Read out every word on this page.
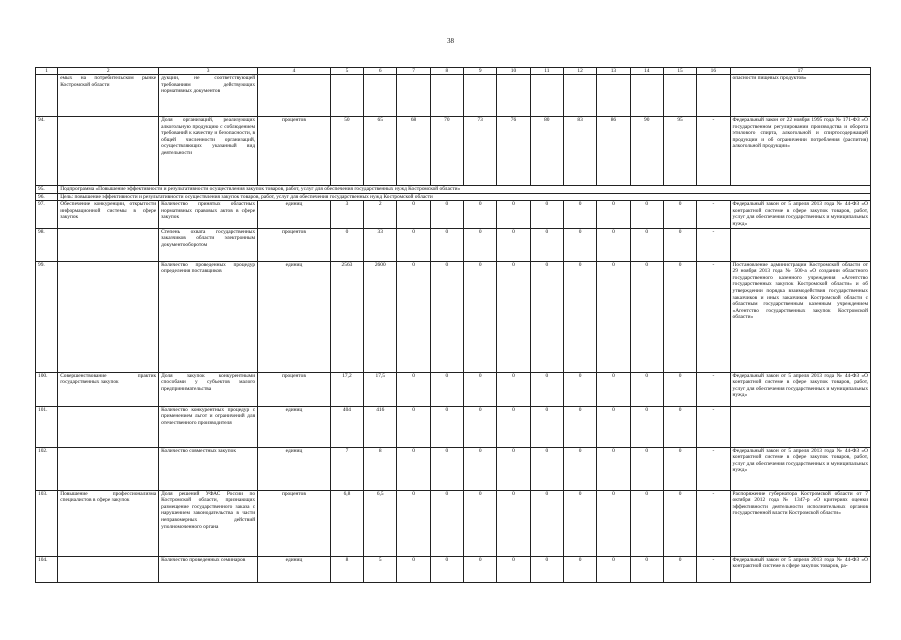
38
1	2	3	4	5	6	7	8	9	10	11	12	13	14	15	16	17
	емых на потребительском рынке Костромской области	дукции, не соответствующей требованиям действующих нормативных документов														опасности пищевых продуктов»
94.		Доля организаций, реализующих алкогольную продукцию с соблюдением требований к качеству и безопасности, в общей численности организаций, осуществляющих указанный вид деятельности	процентов	50	65	68	70	73	76	80	83	86	90	95	-	Федеральный закон от 22 ноября 1995 года № 171-ФЗ «О государственном регулировании производства и оборота этилового спирта, алкогольной и спиртосодержащей продукции и об ограничении потребления (распития) алкогольной продукции»
95.	Подпрограмма «Повышение эффективности и результативности осуществления закупок товаров, работ, услуг для обеспечения государственных нужд Костромской области»															
96.	Цель: повышение эффективности и результативности осуществления закупок товаров, работ, услуг для обеспечения государственных нужд Костромской области															
97.	Обеспечение конкуренции, открытости информационной системы в сфере закупок	Количество принятых областных нормативных правовых актов в сфере закупок	единиц	3	2	0	0	0	0	0	0	0	0	0	-	Федеральный закон от 5 апреля 2013 года № 44-ФЗ «О контрактной системе в сфере закупок товаров, работ, услуг для обеспечения государственных и муниципальных нужд»
98.		Степень охвата государственных заказчиков области электронным документооборотом	процентов	0	33	0	0	0	0	0	0	0	0	0	-	
99.		Количество проведенных процедур определения поставщиков	единиц	2563	2600	0	0	0	0	0	0	0	0	0	-	Постановление администрации Костромской области от 29 ноября 2013 года № 500-а «О создании областного государственного казенного учреждения «Агентство государственных закупок Костромской области» и об утверждении порядка взаимодействия государственных заказчиков и иных заказчиков Костромской области с областным государственным казенным учреждением «Агентство государственных закупок Костромской области»
100.	Совершенствование практик государственных закупок	Доля закупок конкурентными способами у субъектов малого предпринимательства	процентов	17,2	17,5	0	0	0	0	0	0	0	0	0	-	Федеральный закон от 5 апреля 2013 года № 44-ФЗ «О контрактной системе в сфере закупок товаров, работ, услуг для обеспечения государственных и муниципальных нужд»
101.		Количество конкурентных процедур с применением льгот и ограничений для отечественного производителя	единиц	404	416	0	0	0	0	0	0	0	0	0	-	
102.		Количество совместных закупок	единиц	7	8	0	0	0	0	0	0	0	0	0	-	Федеральный закон от 5 апреля 2013 года № 44-ФЗ «О контрактной системе в сфере закупок товаров, работ, услуг для обеспечения государственных и муниципальных нужд»
103.	Повышение профессионализма специалистов в сфере закупок	Доля решений УФАС России по Костромской области, признающих размещение государственного заказа с нарушением законодательства в части неправомерных действий уполномоченного органа	процентов	6,8	6,5	0	0	0	0	0	0	0	0	0	-	Распоряжение губернатора Костромской области от 7 октября 2012 года № 1347-р «О критериях оценки эффективности деятельности исполнительных органов государственной власти Костромской области»
104.		Количество проведенных семинаров	единиц	8	5	0	0	0	0	0	0	0	0	0	-	Федеральный закон от 5 апреля 2013 года № 44-ФЗ «О контрактной системе в сфере закупок товаров, ра-
